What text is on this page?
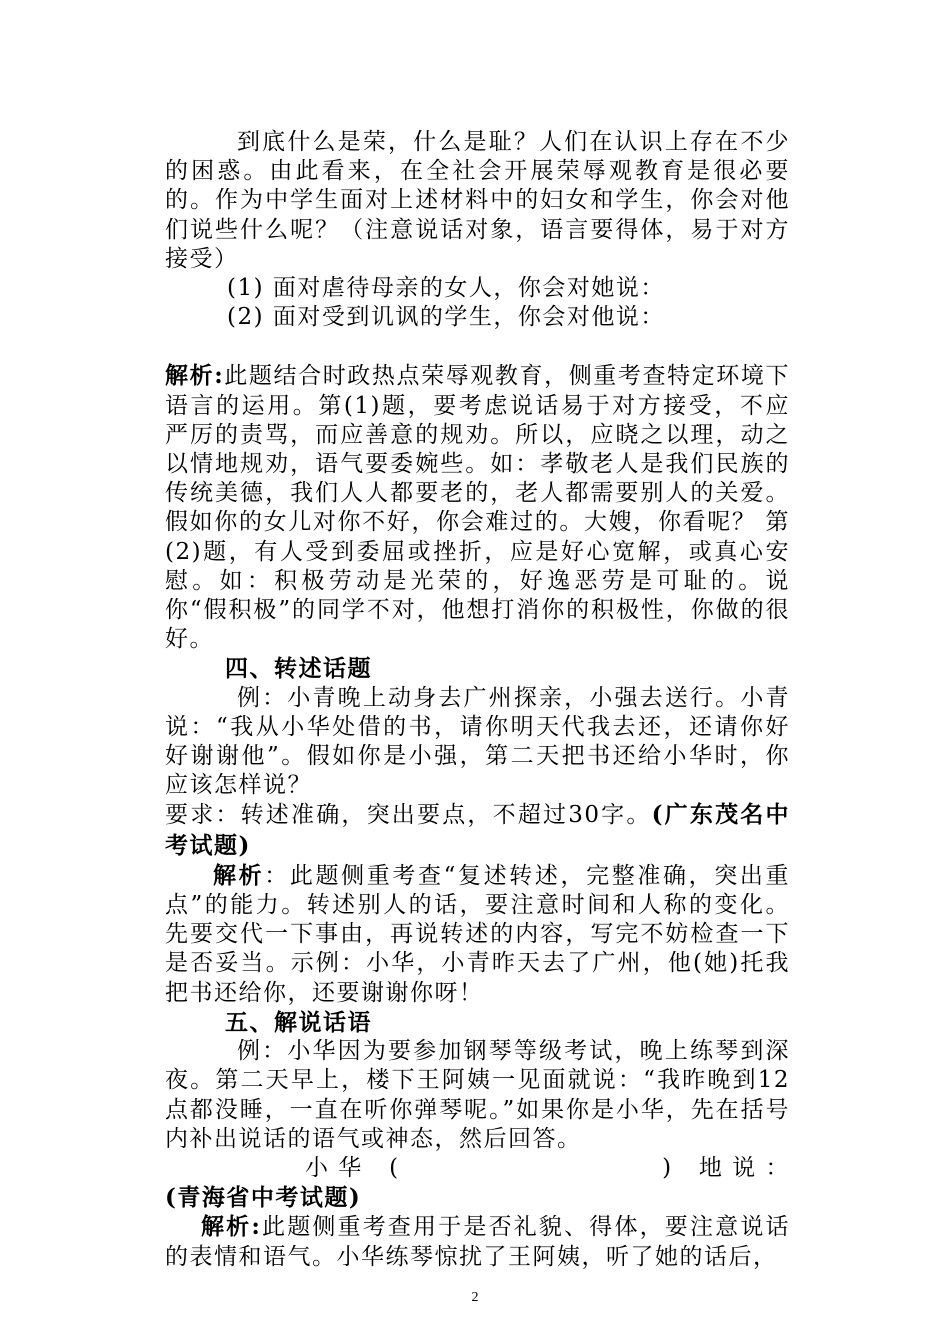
到底什么是荣，什么是耻？人们在认识上存在不少的困惑。由此看来，在全社会开展荣辱观教育是很必要的。作为中学生面对上述材料中的妇女和学生，你会对他们说些什么呢？（注意说话对象，语言要得体，易于对方接受）

(1) 面对虐待母亲的女人，你会对她说：

(2) 面对受到讥讽的学生，你会对他说：

解析:此题结合时政热点荣辱观教育，侧重考查特定环境下语言的运用。第(1)题，要考虑说话易于对方接受，不应严厉的责骂，而应善意的规劝。所以，应晓之以理，动之以情地规劝，语气要委婉些。如：孝敬老人是我们民族的传统美德，我们人人都要老的，老人都需要别人的关爱。假如你的女儿对你不好，你会难过的。大嫂，你看呢？ 第(2)题，有人受到委屈或挫折，应是好心宽解，或真心安慰。如：积极劳动是光荣的，好逸恶劳是可耻的。说你“假积极”的同学不对，他想打消你的积极性，你做的很好。

四、转述话题

例：小青晚上动身去广州探亲，小强去送行。小青说：“我从小华处借的书，请你明天代我去还，还请你好好谢谢他”。假如你是小强，第二天把书还给小华时，你应该怎样说？

要求：转述准确，突出要点，不超过30字。(广东茂名中考试题)

解析：此题侧重考查“复述转述，完整准确，突出重点”的能力。转述别人的话，要注意时间和人称的变化。先要交代一下事由，再说转述的内容，写完不妨检查一下是否妥当。示例：小华，小青昨天去了广州，他(她)托我把书还给你，还要谢谢你呀！

五、解说话语

例：小华因为要参加钢琴等级考试，晚上练琴到深夜。第二天早上，楼下王阿姨一见面就说：“我昨晚到12点都没睡，一直在听你弹琴呢。”如果你是小华，先在括号内补出说话的语气或神态，然后回答。

小 华 (	) 地 说 ：

(青海省中考试题)

解析:此题侧重考查用于是否礼貌、得体，要注意说话的表情和语气。小华练琴惊扰了王阿姨，听了她的话后，

2
